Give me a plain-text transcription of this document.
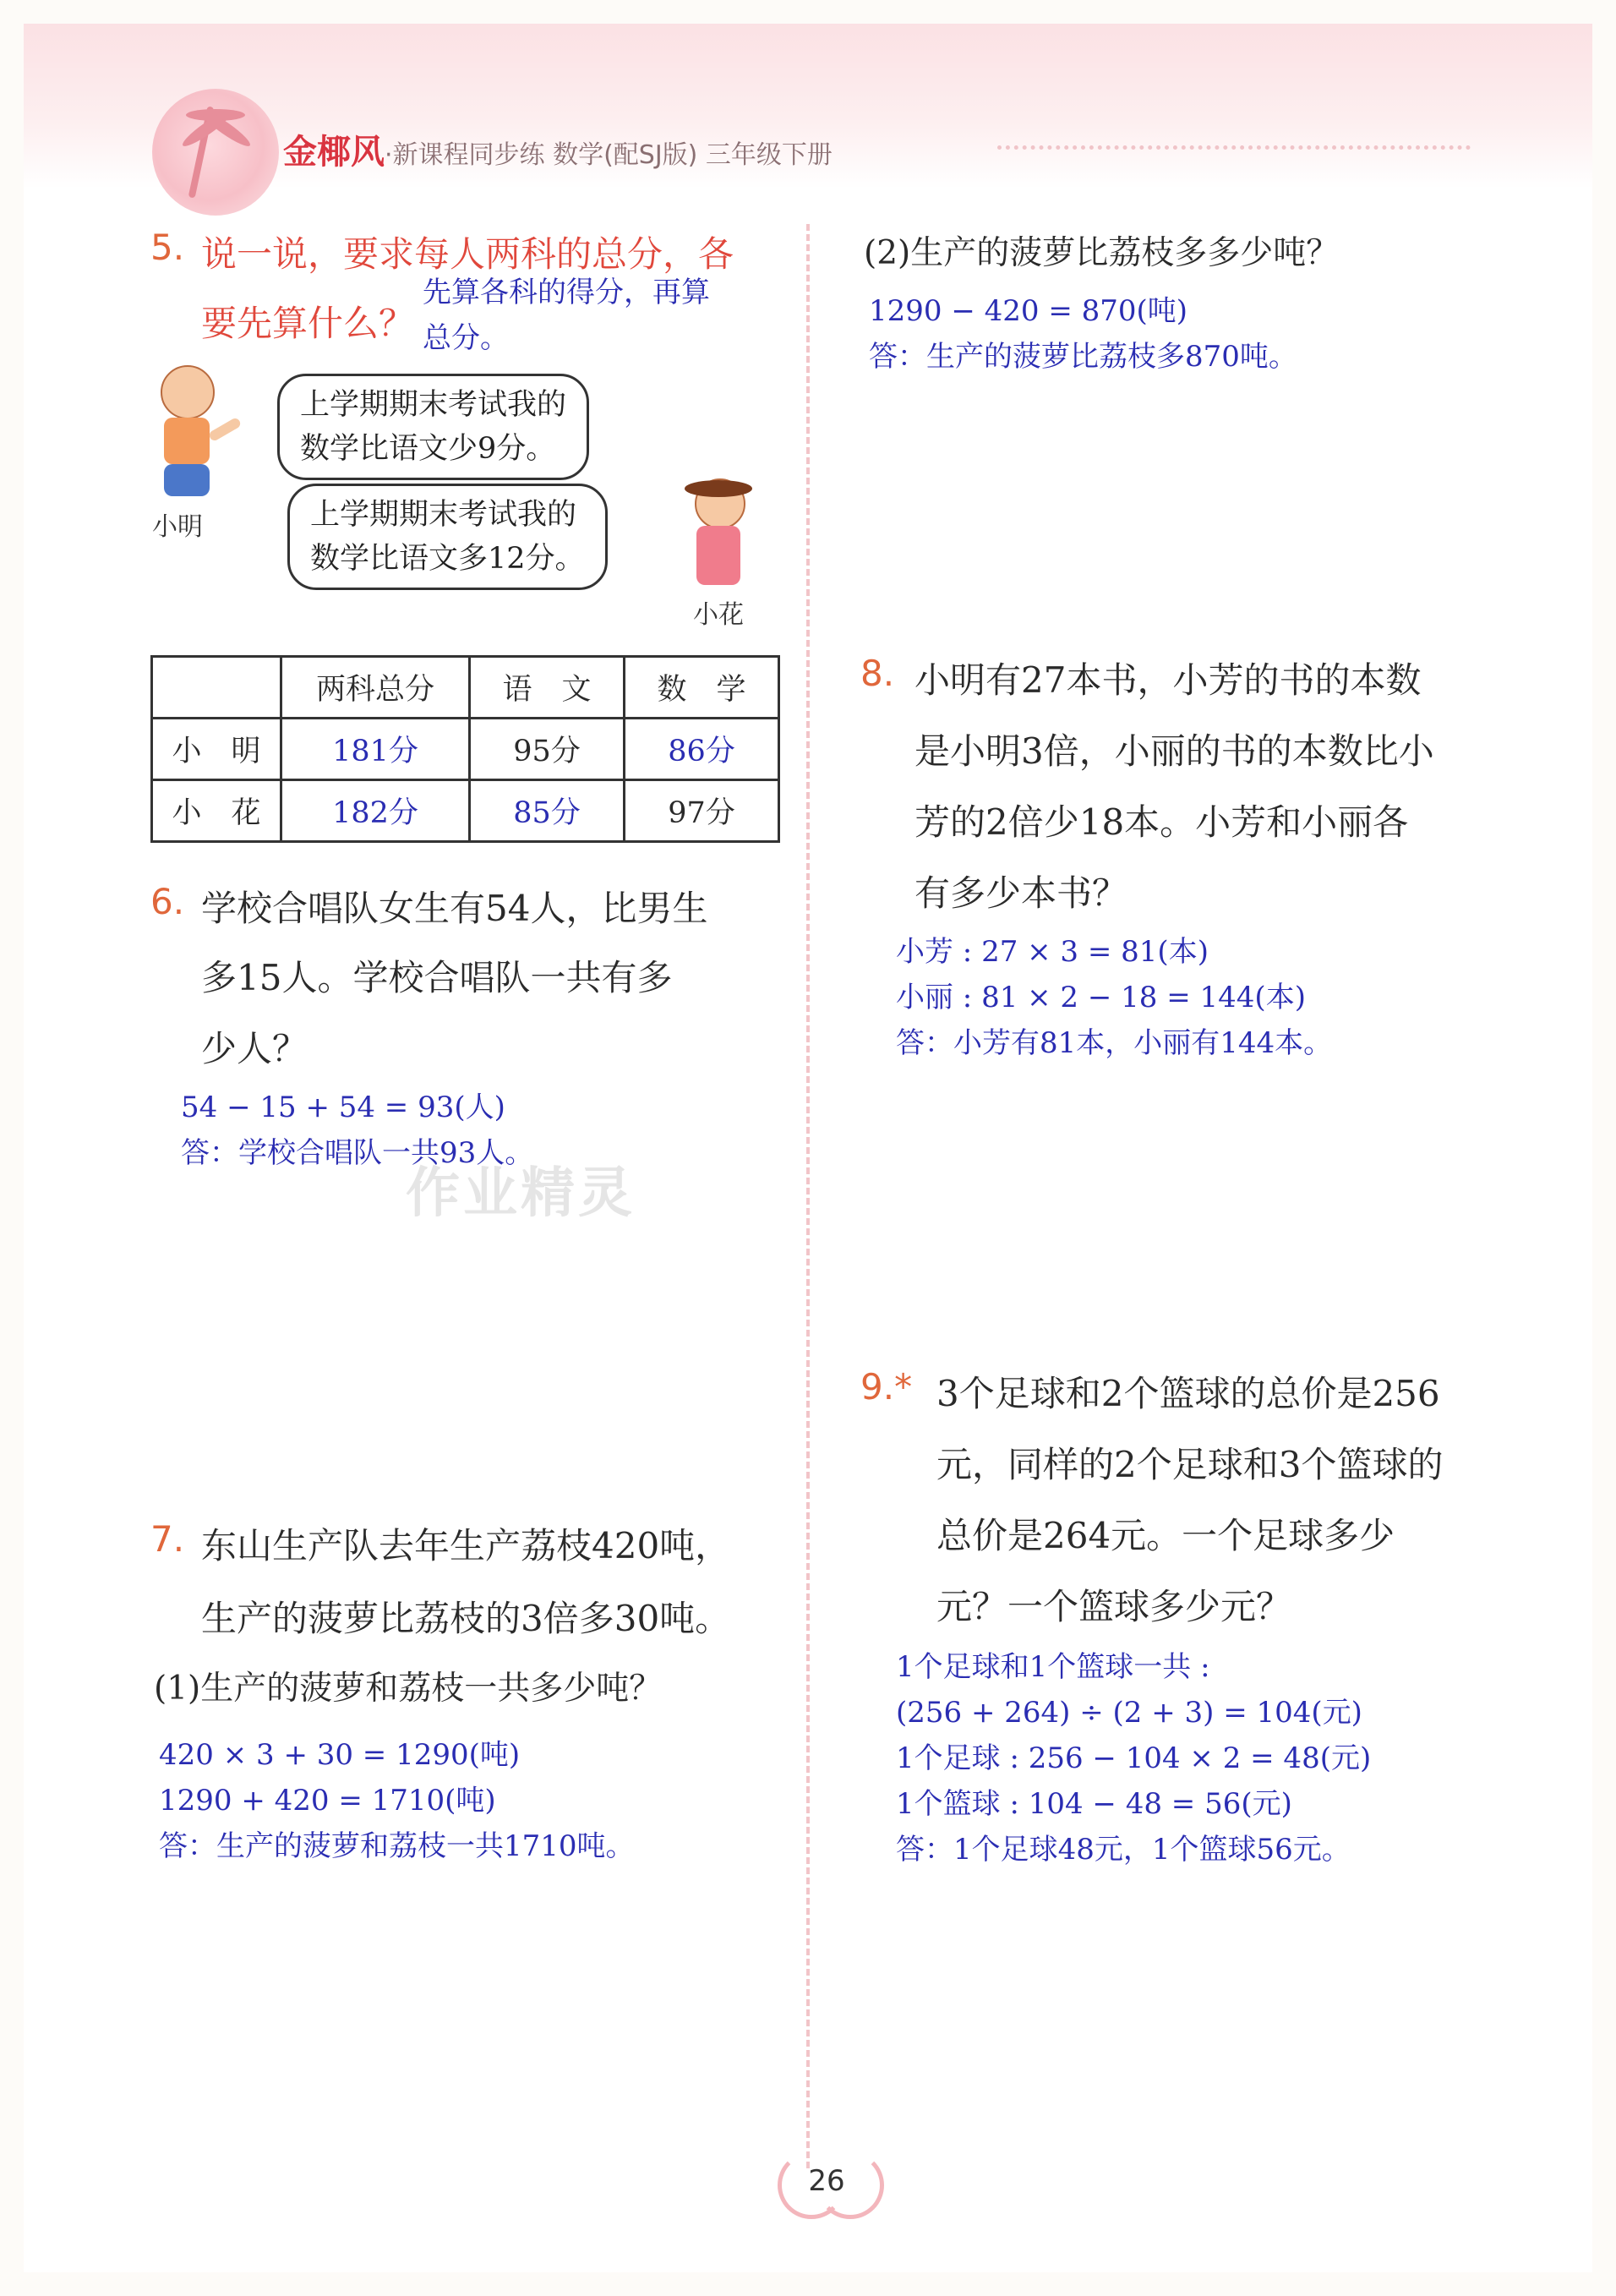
金椰风·新课程同步练 数学(配SJ版) 三年级下册
5. 说一说，要求每人两科的总分，各
要先算什么？
先算各科的得分，再算
总分。
小明
上学期期末考试我的
数学比语文少9分。
上学期期末考试我的
数学比语文多12分。
小花
	两科总分	语　文	数　学
小　明	181分	95分	86分
小　花	182分	85分	97分
6. 学校合唱队女生有54人，比男生
多15人。学校合唱队一共有多
少人？
54 − 15 + 54 = 93(人)
答：学校合唱队一共93人。
作业精灵
7. 东山生产队去年生产荔枝420吨，
生产的菠萝比荔枝的3倍多30吨。
(1)生产的菠萝和荔枝一共多少吨？
420 × 3 + 30 = 1290(吨)
1290 + 420 = 1710(吨)
答：生产的菠萝和荔枝一共1710吨。
(2)生产的菠萝比荔枝多多少吨？
1290 − 420 = 870(吨)
答：生产的菠萝比荔枝多870吨。
8. 小明有27本书，小芳的书的本数
是小明3倍，小丽的书的本数比小
芳的2倍少18本。小芳和小丽各
有多少本书？
小芳 : 27 × 3 = 81(本)
小丽 : 81 × 2 − 18 = 144(本)
答：小芳有81本，小丽有144本。
9.* 3个足球和2个篮球的总价是256
元，同样的2个足球和3个篮球的
总价是264元。一个足球多少
元？一个篮球多少元？
1个足球和1个篮球一共 :
(256 + 264) ÷ (2 + 3) = 104(元)
1个足球 : 256 − 104 × 2 = 48(元)
1个篮球 : 104 − 48 = 56(元)
答：1个足球48元，1个篮球56元。
26
